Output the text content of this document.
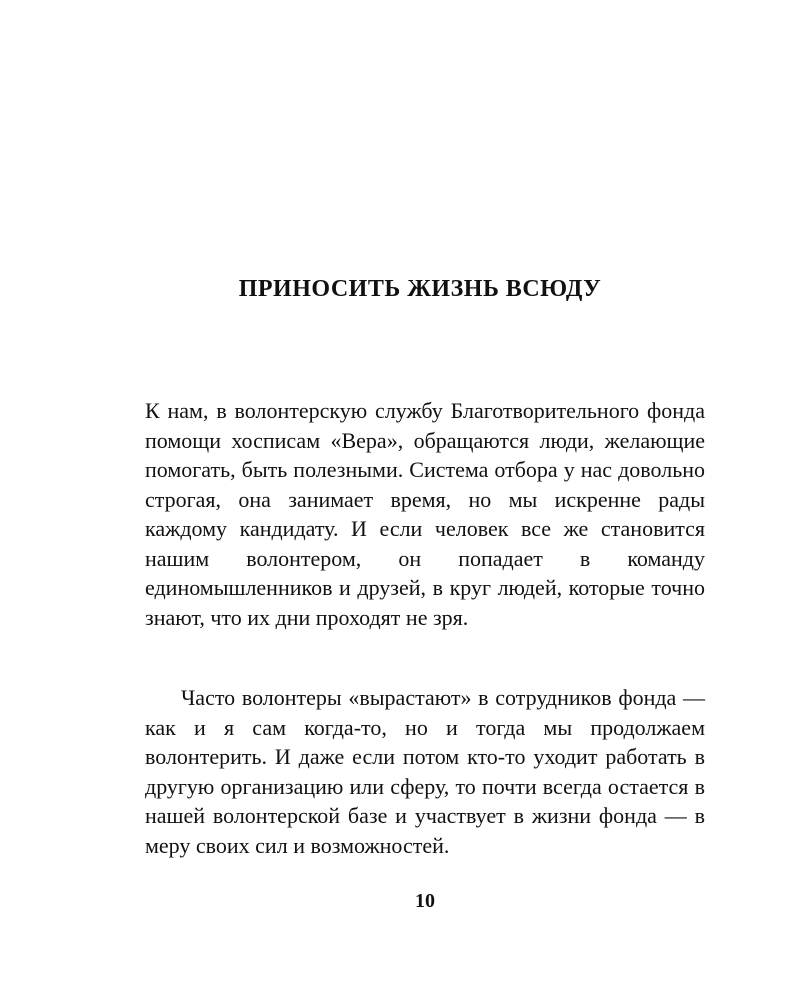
ПРИНОСИТЬ ЖИЗНЬ ВСЮДУ

К нам, в волонтерскую службу Благотворительного фонда помощи хосписам «Вера», обращаются люди, желающие помогать, быть полезными. Система отбора у нас довольно строгая, она занимает время, но мы искренне рады каждому кандидату. И если человек все же становится нашим волонтером, он попадает в команду единомышленников и друзей, в круг людей, которые точно знают, что их дни проходят не зря.

Часто волонтеры «вырастают» в сотрудников фонда — как и я сам когда-то, но и тогда мы продолжаем волонтерить. И даже если потом кто-то уходит работать в другую организацию или сферу, то почти всегда остается в нашей волонтерской базе и участвует в жизни фонда — в меру своих сил и возможностей.

10
